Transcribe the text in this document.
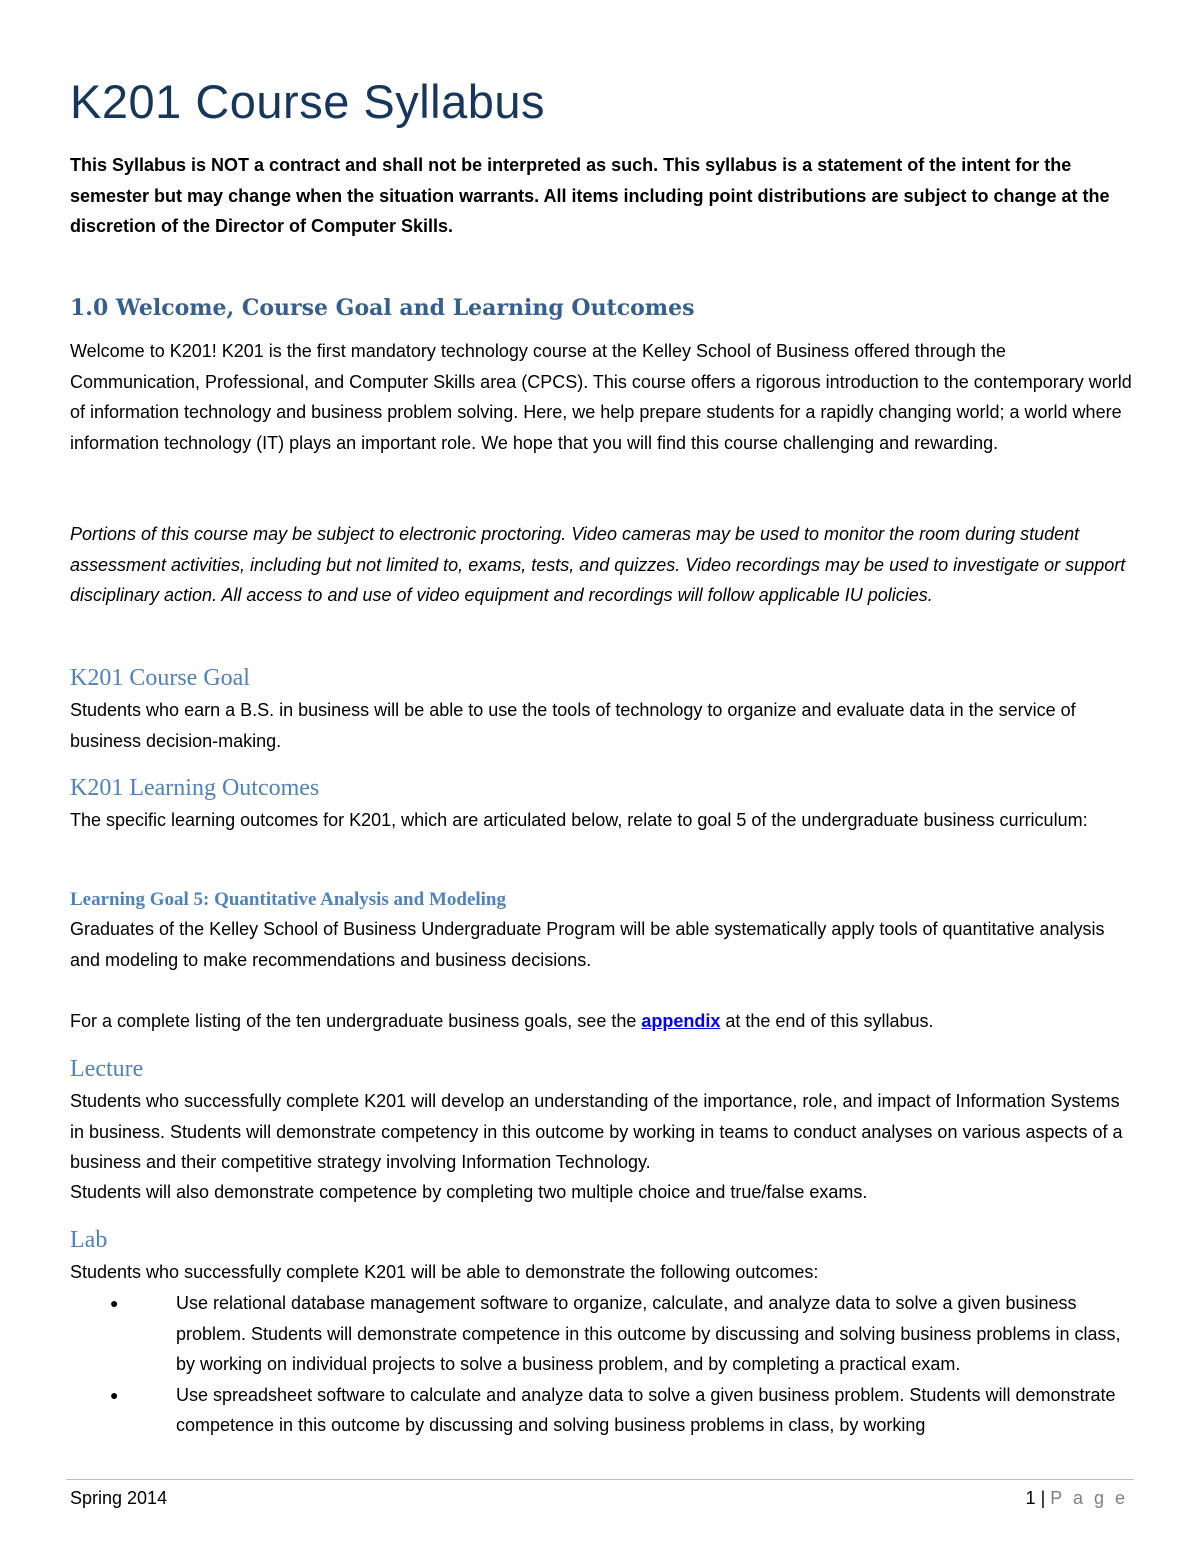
K201 Course Syllabus

This Syllabus is NOT a contract and shall not be interpreted as such. This syllabus is a statement of the intent for the semester but may change when the situation warrants. All items including point distributions are subject to change at the discretion of the Director of Computer Skills.

1.0 Welcome, Course Goal and Learning Outcomes

Welcome to K201! K201 is the first mandatory technology course at the Kelley School of Business offered through the Communication, Professional, and Computer Skills area (CPCS). This course offers a rigorous introduction to the contemporary world of information technology and business problem solving. Here, we help prepare students for a rapidly changing world; a world where information technology (IT) plays an important role. We hope that you will find this course challenging and rewarding.

Portions of this course may be subject to electronic proctoring. Video cameras may be used to monitor the room during student assessment activities, including but not limited to, exams, tests, and quizzes. Video recordings may be used to investigate or support disciplinary action. All access to and use of video equipment and recordings will follow applicable IU policies.

K201 Course Goal

Students who earn a B.S. in business will be able to use the tools of technology to organize and evaluate data in the service of business decision-making.

K201 Learning Outcomes

The specific learning outcomes for K201, which are articulated below, relate to goal 5 of the undergraduate business curriculum:

Learning Goal 5: Quantitative Analysis and Modeling

Graduates of the Kelley School of Business Undergraduate Program will be able systematically apply tools of quantitative analysis and modeling to make recommendations and business decisions.

For a complete listing of the ten undergraduate business goals, see the appendix at the end of this syllabus.

Lecture

Students who successfully complete K201 will develop an understanding of the importance, role, and impact of Information Systems in business. Students will demonstrate competency in this outcome by working in teams to conduct analyses on various aspects of a business and their competitive strategy involving Information Technology.

Students will also demonstrate competence by completing two multiple choice and true/false exams.

Lab

Students who successfully complete K201 will be able to demonstrate the following outcomes:

●	Use relational database management software to organize, calculate, and analyze data to solve a given business problem. Students will demonstrate competence in this outcome by discussing and solving business problems in class, by working on individual projects to solve a business problem, and by completing a practical exam.
●	Use spreadsheet software to calculate and analyze data to solve a given business problem. Students will demonstrate competence in this outcome by discussing and solving business problems in class, by working
Spring 2014	1 | P a g e
